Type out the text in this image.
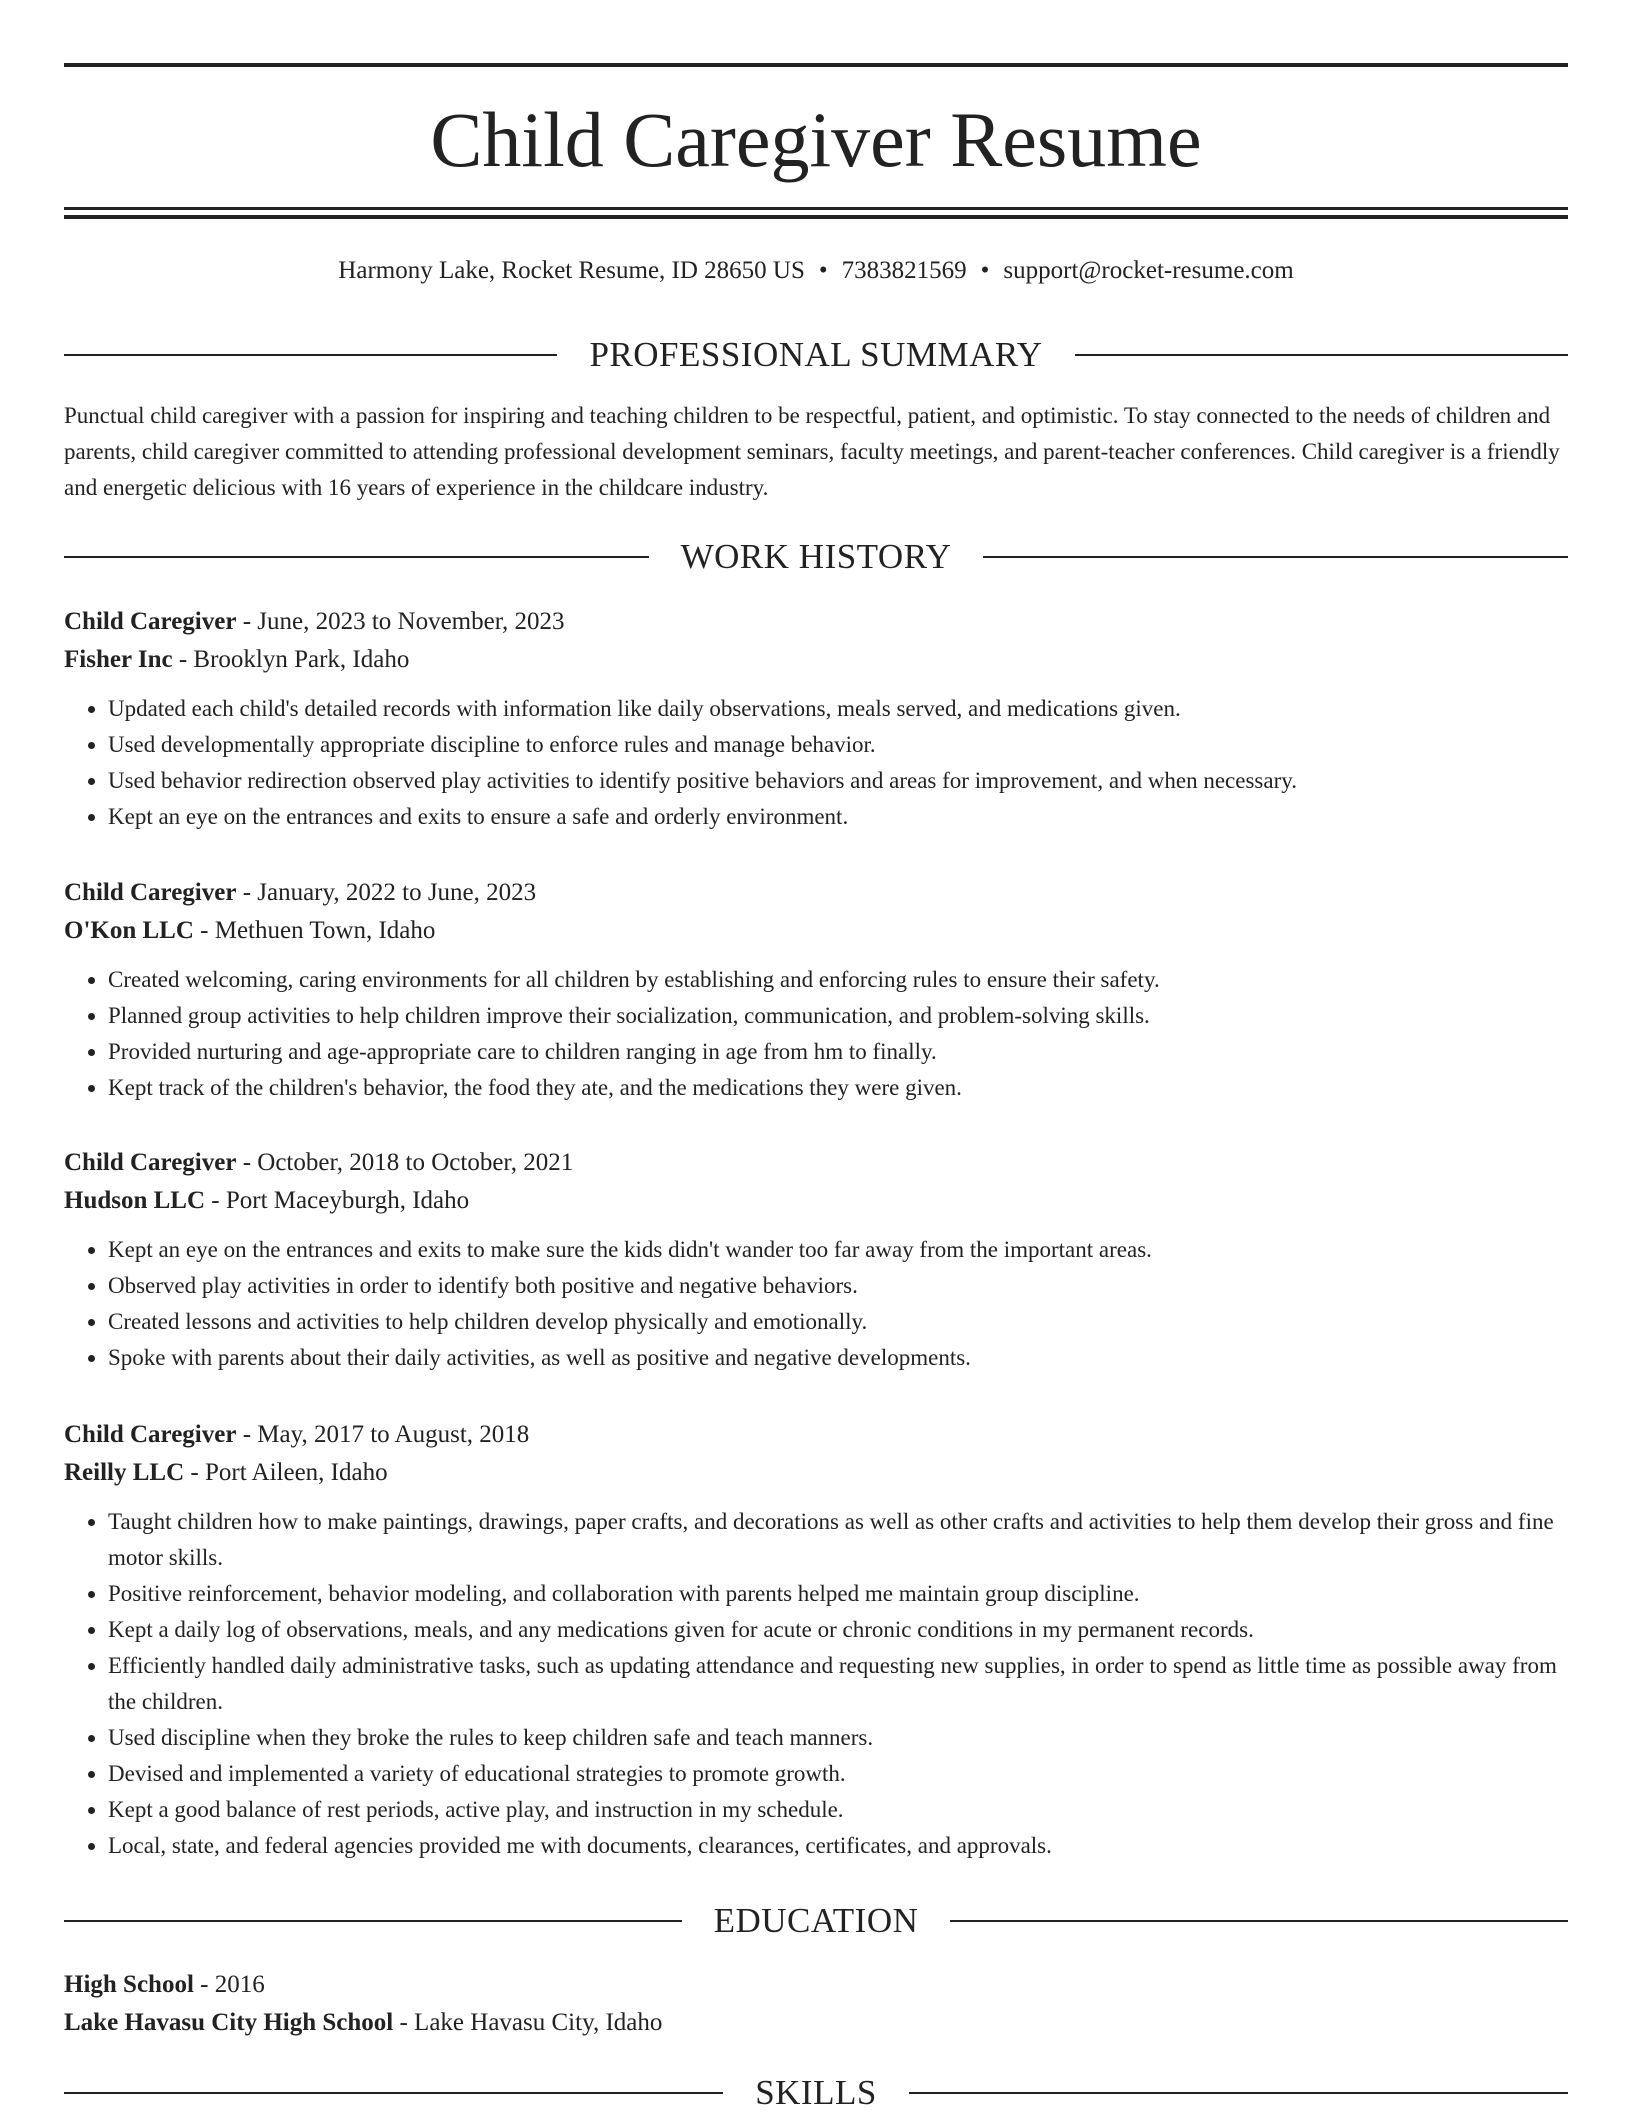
Child Caregiver Resume
Harmony Lake, Rocket Resume, ID 28650 US • 7383821569 • support@rocket-resume.com
PROFESSIONAL SUMMARY

Punctual child caregiver with a passion for inspiring and teaching children to be respectful, patient, and optimistic. To stay connected to the needs of children and parents, child caregiver committed to attending professional development seminars, faculty meetings, and parent-teacher conferences. Child caregiver is a friendly and energetic delicious with 16 years of experience in the childcare industry.

WORK HISTORY

Child Caregiver - June, 2023 to November, 2023

Fisher Inc - Brooklyn Park, Idaho

• Updated each child's detailed records with information like daily observations, meals served, and medications given.
• Used developmentally appropriate discipline to enforce rules and manage behavior.
• Used behavior redirection observed play activities to identify positive behaviors and areas for improvement, and when necessary.
• Kept an eye on the entrances and exits to ensure a safe and orderly environment.

Child Caregiver - January, 2022 to June, 2023

O'Kon LLC - Methuen Town, Idaho

• Created welcoming, caring environments for all children by establishing and enforcing rules to ensure their safety.
• Planned group activities to help children improve their socialization, communication, and problem-solving skills.
• Provided nurturing and age-appropriate care to children ranging in age from hm to finally.
• Kept track of the children's behavior, the food they ate, and the medications they were given.

Child Caregiver - October, 2018 to October, 2021

Hudson LLC - Port Maceyburgh, Idaho

• Kept an eye on the entrances and exits to make sure the kids didn't wander too far away from the important areas.
• Observed play activities in order to identify both positive and negative behaviors.
• Created lessons and activities to help children develop physically and emotionally.
• Spoke with parents about their daily activities, as well as positive and negative developments.

Child Caregiver - May, 2017 to August, 2018

Reilly LLC - Port Aileen, Idaho

• Taught children how to make paintings, drawings, paper crafts, and decorations as well as other crafts and activities to help them develop their gross and fine motor skills.
• Positive reinforcement, behavior modeling, and collaboration with parents helped me maintain group discipline.
• Kept a daily log of observations, meals, and any medications given for acute or chronic conditions in my permanent records.
• Efficiently handled daily administrative tasks, such as updating attendance and requesting new supplies, in order to spend as little time as possible away from the children.
• Used discipline when they broke the rules to keep children safe and teach manners.
• Devised and implemented a variety of educational strategies to promote growth.
• Kept a good balance of rest periods, active play, and instruction in my schedule.
• Local, state, and federal agencies provided me with documents, clearances, certificates, and approvals.
EDUCATION

High School - 2016

Lake Havasu City High School - Lake Havasu City, Idaho

SKILLS
